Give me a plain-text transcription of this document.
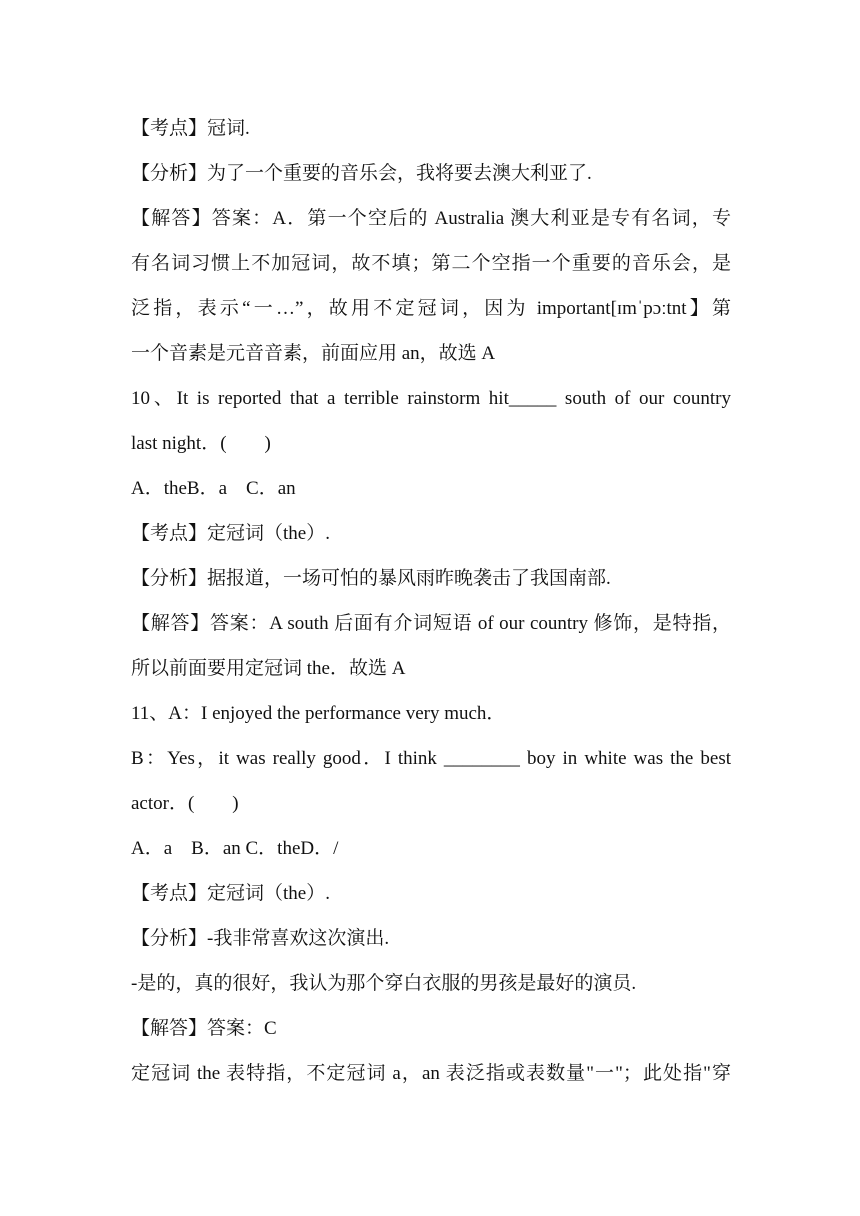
【考点】冠词.
【分析】为了一个重要的音乐会，我将要去澳大利亚了.
【解答】答案：A．第一个空后的 Australia 澳大利亚是专有名词，专
有名词习惯上不加冠词，故不填；第二个空指一个重要的音乐会，是
泛指，表示“一…”，故用不定冠词，因为 important[ɪmˈpɔːtnt】第
一个音素是元音音素，前面应用 an，故选 A
10、It is reported that a terrible rainstorm hit_____ south of our country
last night．(　　)
A．theB．a　C．an
【考点】定冠词（the）.
【分析】据报道，一场可怕的暴风雨昨晚袭击了我国南部.
【解答】答案：A south 后面有介词短语 of our country 修饰，是特指，
所以前面要用定冠词 the．故选 A
11、A：I enjoyed the performance very much．
B：Yes，it was really good．I think ________ boy in white was the best
actor．(　　)
A．a　B．an C．theD．/
【考点】定冠词（the）.
【分析】-我非常喜欢这次演出.
-是的，真的很好，我认为那个穿白衣服的男孩是最好的演员.
【解答】答案：C
定冠词 the 表特指，不定冠词 a，an 表泛指或表数量"一"；此处指"穿
